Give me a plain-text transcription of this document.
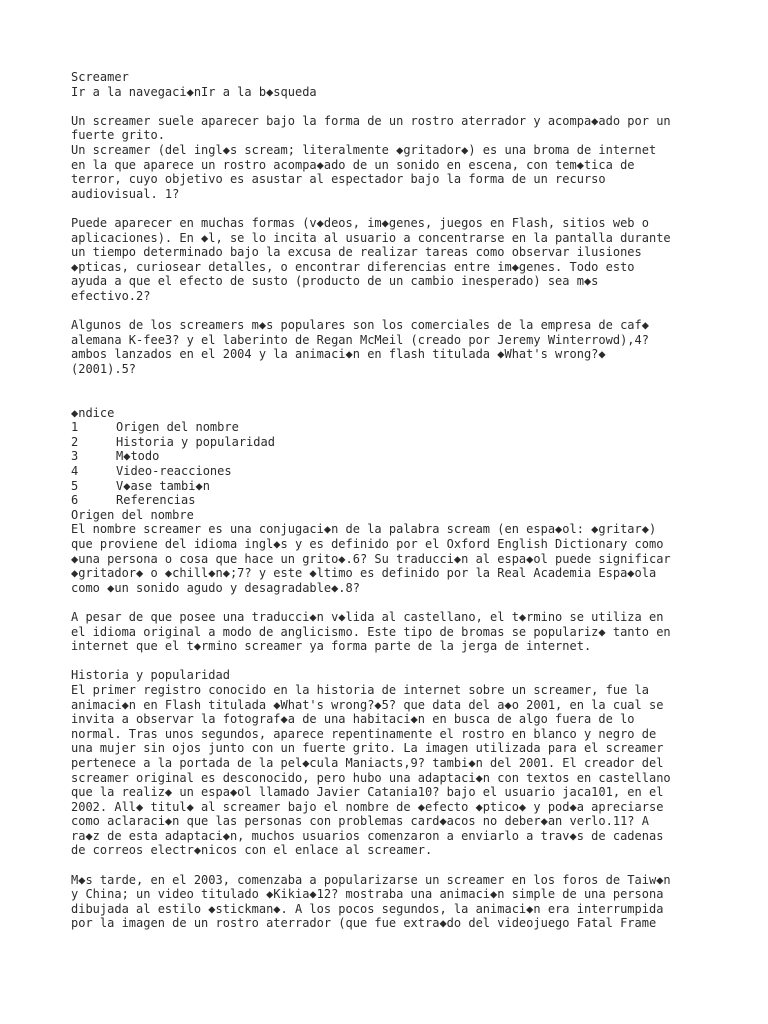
Screamer
Ir a la navegaci◆nIr a la b◆squeda
Un screamer suele aparecer bajo la forma de un rostro aterrador y acompa◆ado por un
fuerte grito.
Un screamer (del ingl◆s scream; literalmente ◆gritador◆) es una broma de internet
en la que aparece un rostro acompa◆ado de un sonido en escena, con tem◆tica de
terror, cuyo objetivo es asustar al espectador bajo la forma de un recurso
audiovisual. 1?
Puede aparecer en muchas formas (v◆deos, im◆genes, juegos en Flash, sitios web o
aplicaciones). En ◆l, se lo incita al usuario a concentrarse en la pantalla durante
un tiempo determinado bajo la excusa de realizar tareas como observar ilusiones
◆pticas, curiosear detalles, o encontrar diferencias entre im◆genes. Todo esto
ayuda a que el efecto de susto (producto de un cambio inesperado) sea m◆s
efectivo.2?
Algunos de los screamers m◆s populares son los comerciales de la empresa de caf◆
alemana K-fee3? y el laberinto de Regan McMeil (creado por Jeremy Winterrowd),4?
ambos lanzados en el 2004 y la animaci◆n en flash titulada ◆What's wrong?◆
(2001).5?
◆ndice
1	Origen del nombre
2	Historia y popularidad
3	M◆todo
4	Video-reacciones
5	V◆ase tambi◆n
6	Referencias
Origen del nombre
El nombre screamer es una conjugaci◆n de la palabra scream (en espa◆ol: ◆gritar◆)
que proviene del idioma ingl◆s y es definido por el Oxford English Dictionary como
◆una persona o cosa que hace un grito◆.6? Su traducci◆n al espa◆ol puede significar
◆gritador◆ o ◆chill◆n◆;7? y este ◆ltimo es definido por la Real Academia Espa◆ola
como ◆un sonido agudo y desagradable◆.8?
A pesar de que posee una traducci◆n v◆lida al castellano, el t◆rmino se utiliza en
el idioma original a modo de anglicismo. Este tipo de bromas se populariz◆ tanto en
internet que el t◆rmino screamer ya forma parte de la jerga de internet.
Historia y popularidad
El primer registro conocido en la historia de internet sobre un screamer, fue la
animaci◆n en Flash titulada ◆What's wrong?◆5? que data del a◆o 2001, en la cual se
invita a observar la fotograf◆a de una habitaci◆n en busca de algo fuera de lo
normal. Tras unos segundos, aparece repentinamente el rostro en blanco y negro de
una mujer sin ojos junto con un fuerte grito. La imagen utilizada para el screamer
pertenece a la portada de la pel◆cula Maniacts,9? tambi◆n del 2001. El creador del
screamer original es desconocido, pero hubo una adaptaci◆n con textos en castellano
que la realiz◆ un espa◆ol llamado Javier Catania10? bajo el usuario jaca101, en el
2002. All◆ titul◆ al screamer bajo el nombre de ◆efecto ◆ptico◆ y pod◆a apreciarse
como aclaraci◆n que las personas con problemas card◆acos no deber◆an verlo.11? A
ra◆z de esta adaptaci◆n, muchos usuarios comenzaron a enviarlo a trav◆s de cadenas
de correos electr◆nicos con el enlace al screamer.
M◆s tarde, en el 2003, comenzaba a popularizarse un screamer en los foros de Taiw◆n
y China; un video titulado ◆Kikia◆12? mostraba una animaci◆n simple de una persona
dibujada al estilo ◆stickman◆. A los pocos segundos, la animaci◆n era interrumpida
por la imagen de un rostro aterrador (que fue extra◆do del videojuego Fatal Frame
